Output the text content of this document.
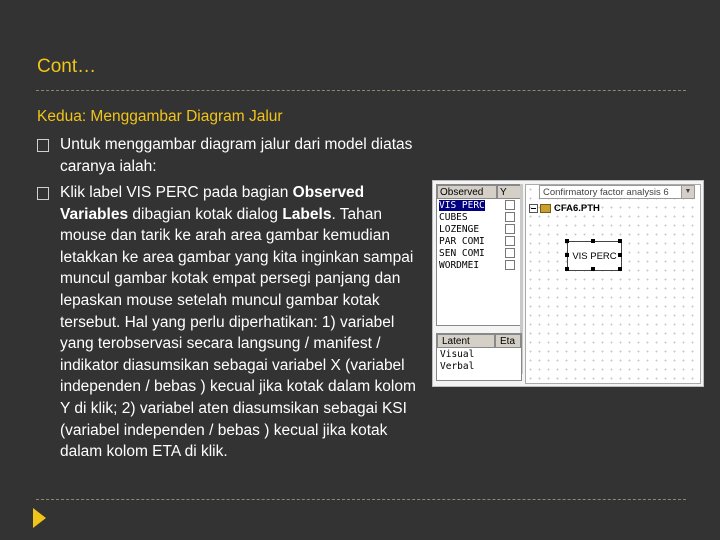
Cont…
Kedua: Menggambar Diagram Jalur
Untuk menggambar diagram jalur dari model diatas caranya ialah:
Klik label VIS PERC pada bagian Observed Variables dibagian kotak dialog Labels. Tahan mouse dan tarik ke arah area gambar kemudian letakkan ke area gambar yang kita inginkan sampai muncul gambar kotak empat persegi panjang dan lepaskan mouse setelah muncul gambar kotak tersebut. Hal yang perlu diperhatikan: 1) variabel yang terobservasi secara langsung / manifest / indikator diasumsikan sebagai variabel X (variabel independen / bebas ) kecual jika kotak dalam kolom Y di klik; 2) variabel aten diasumsikan sebagai KSI (variabel independen / bebas ) kecual jika kotak dalam kolom ETA di klik.
Observed	Y
VIS PERC
CUBES
LOZENGE
PAR COMI
SEN COMI
WORDMEI
Latent	Eta
Visual
Verbal
Confirmatory factor analysis 6	▼
CFA6.PTH
VIS PERC
